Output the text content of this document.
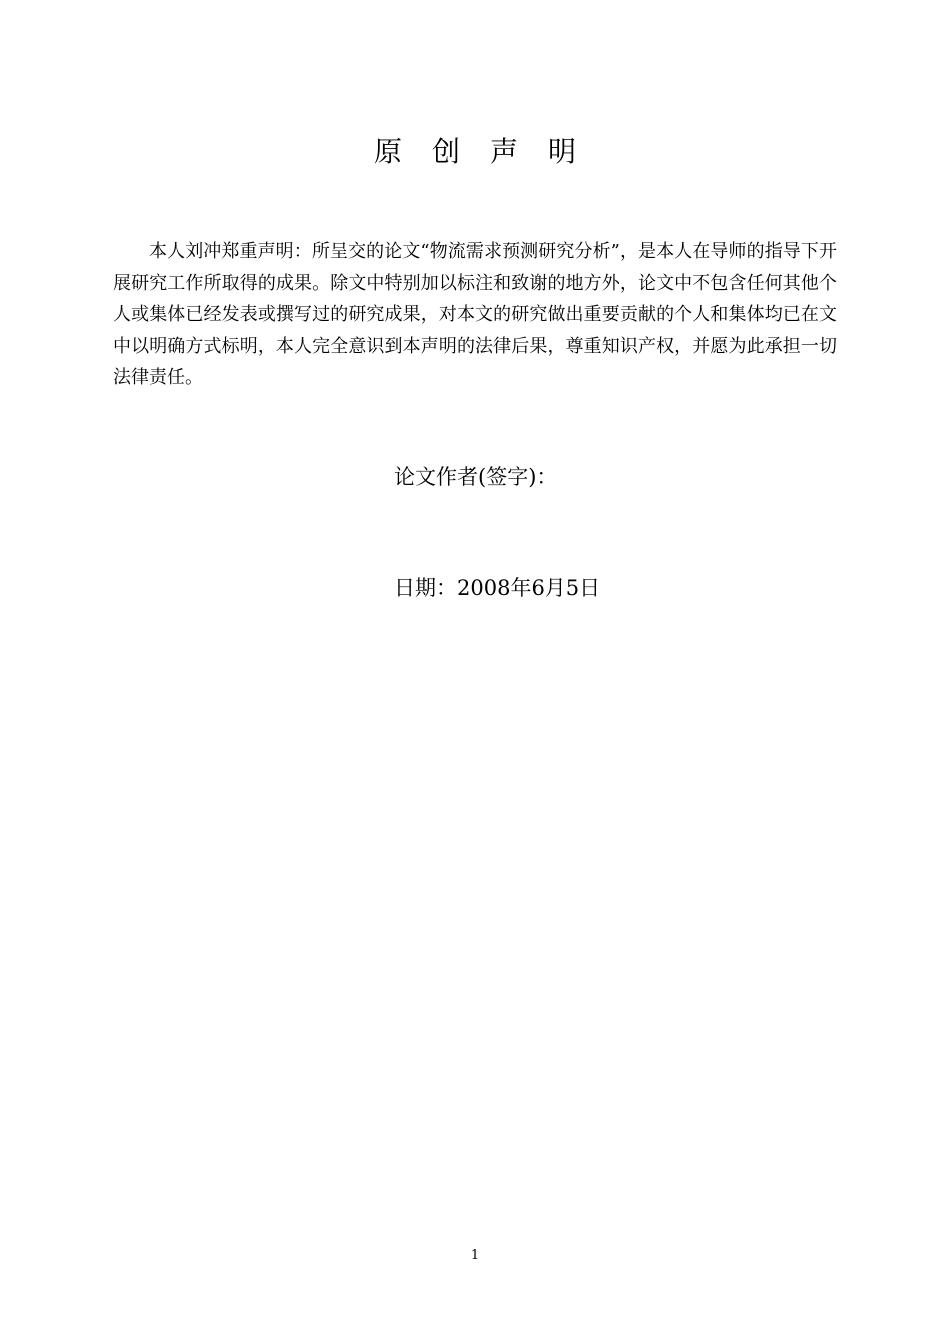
原创声明

本人刘冲郑重声明：所呈交的论文“物流需求预测研究分析”，是本人在导师的指导下开展研究工作所取得的成果。除文中特别加以标注和致谢的地方外，论文中不包含任何其他个人或集体已经发表或撰写过的研究成果，对本文的研究做出重要贡献的个人和集体均已在文中以明确方式标明，本人完全意识到本声明的法律后果，尊重知识产权，并愿为此承担一切法律责任。

论文作者(签字)：
日期：2008年6月5日
1
